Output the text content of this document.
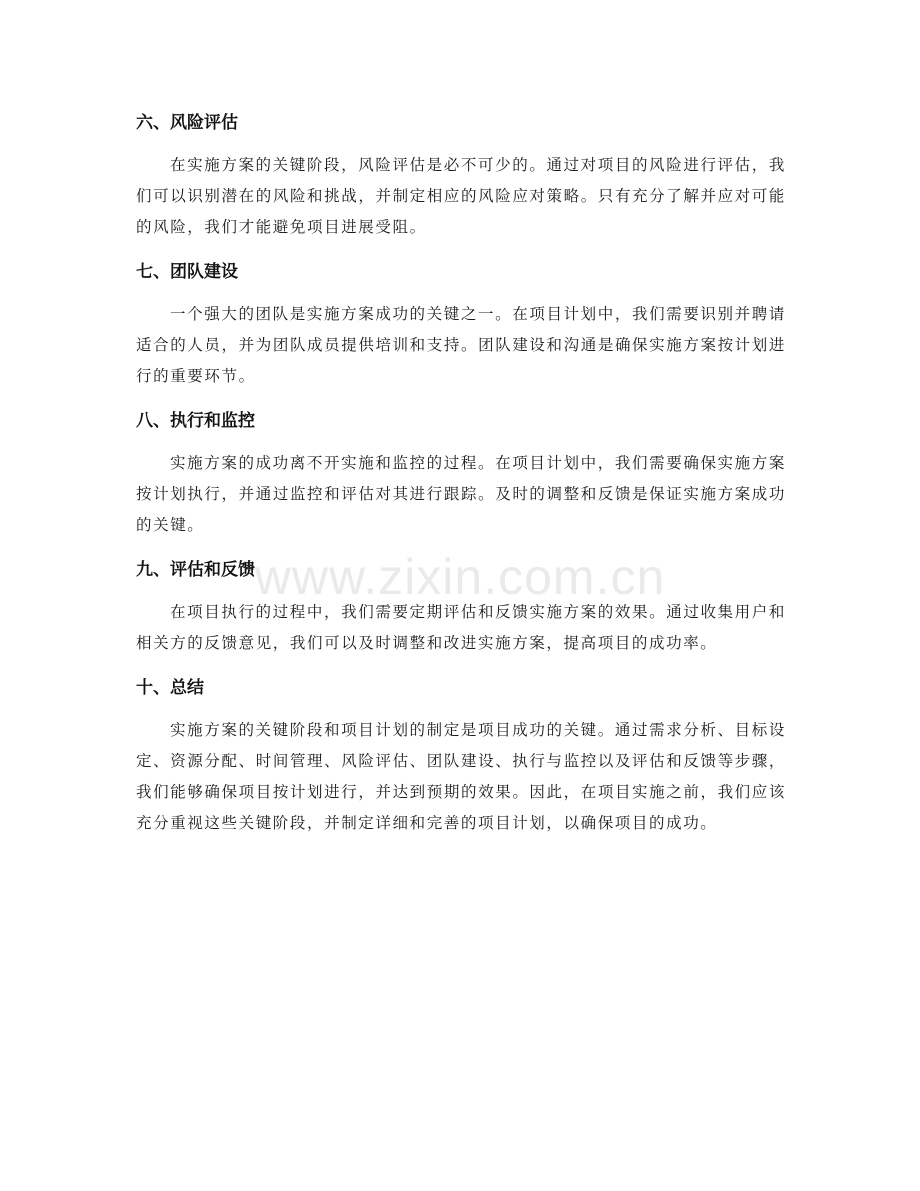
六、风险评估

在实施方案的关键阶段，风险评估是必不可少的。通过对项目的风险进行评估，我们可以识别潜在的风险和挑战，并制定相应的风险应对策略。只有充分了解并应对可能的风险，我们才能避免项目进展受阻。

七、团队建设

一个强大的团队是实施方案成功的关键之一。在项目计划中，我们需要识别并聘请适合的人员，并为团队成员提供培训和支持。团队建设和沟通是确保实施方案按计划进行的重要环节。

八、执行和监控

实施方案的成功离不开实施和监控的过程。在项目计划中，我们需要确保实施方案按计划执行，并通过监控和评估对其进行跟踪。及时的调整和反馈是保证实施方案成功的关键。

九、评估和反馈

在项目执行的过程中，我们需要定期评估和反馈实施方案的效果。通过收集用户和相关方的反馈意见，我们可以及时调整和改进实施方案，提高项目的成功率。

十、总结

实施方案的关键阶段和项目计划的制定是项目成功的关键。通过需求分析、目标设定、资源分配、时间管理、风险评估、团队建设、执行与监控以及评估和反馈等步骤，我们能够确保项目按计划进行，并达到预期的效果。因此，在项目实施之前，我们应该充分重视这些关键阶段，并制定详细和完善的项目计划，以确保项目的成功。

www.zixin.com.cn
